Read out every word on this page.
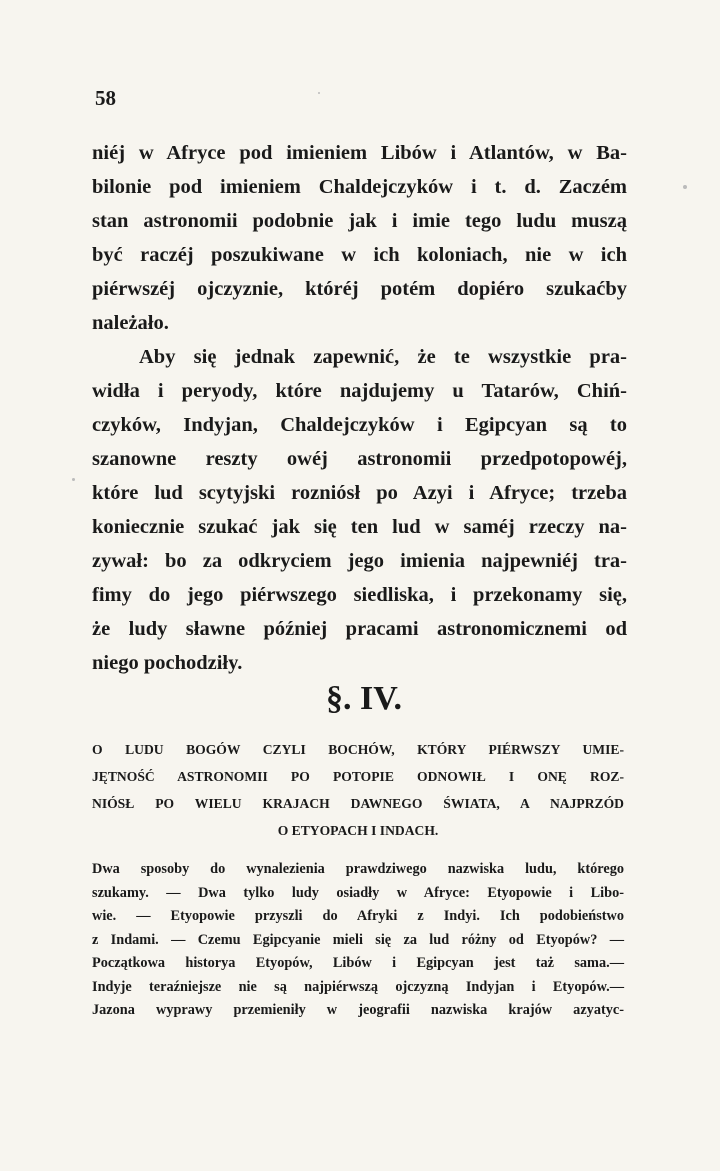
58
niéj w Afryce pod imieniem Libów i Atlantów, w Ba-
bilonie pod imieniem Chaldejczyków i t. d. Zaczém
stan astronomii podobnie jak i imie tego ludu muszą
być raczéj poszukiwane w ich koloniach, nie w ich
piérwszéj ojczyznie, któréj potém dopiéro szukaćby
należało.
Aby się jednak zapewnić, że te wszystkie pra-
widła i peryody, które najdujemy u Tatarów, Chiń-
czyków, Indyjan, Chaldejczyków i Egipcyan są to
szanowne reszty owéj astronomii przedpotopowéj,
które lud scytyjski rozniósł po Azyi i Afryce; trzeba
koniecznie szukać jak się ten lud w saméj rzeczy na-
zywał: bo za odkryciem jego imienia najpewniéj tra-
fimy do jego piérwszego siedliska, i przekonamy się,
że ludy sławne później pracami astronomicznemi od
niego pochodziły.
§. IV.
O LUDU BOGÓW CZYLI BOCHÓW, KTÓRY PIÉRWSZY UMIE-
JĘTNOŚĆ ASTRONOMII PO POTOPIE ODNOWIŁ I ONĘ ROZ-
NIÓSŁ PO WIELU KRAJACH DAWNEGO ŚWIATA, A NAJPRZÓD
O ETYOPACH I INDACH.
Dwa sposoby do wynalezienia prawdziwego nazwiska ludu, którego
szukamy. — Dwa tylko ludy osiadły w Afryce: Etyopowie i Libo-
wie. — Etyopowie przyszli do Afryki z Indyi. Ich podobieństwo
z Indami. — Czemu Egipcyanie mieli się za lud różny od Etyopów? —
Początkowa historya Etyopów, Libów i Egipcyan jest taż sama.—
Indyje teraźniejsze nie są najpiérwszą ojczyzną Indyjan i Etyopów.—
Jazona wyprawy przemieniły w jeografii nazwiska krajów azyatyc-
